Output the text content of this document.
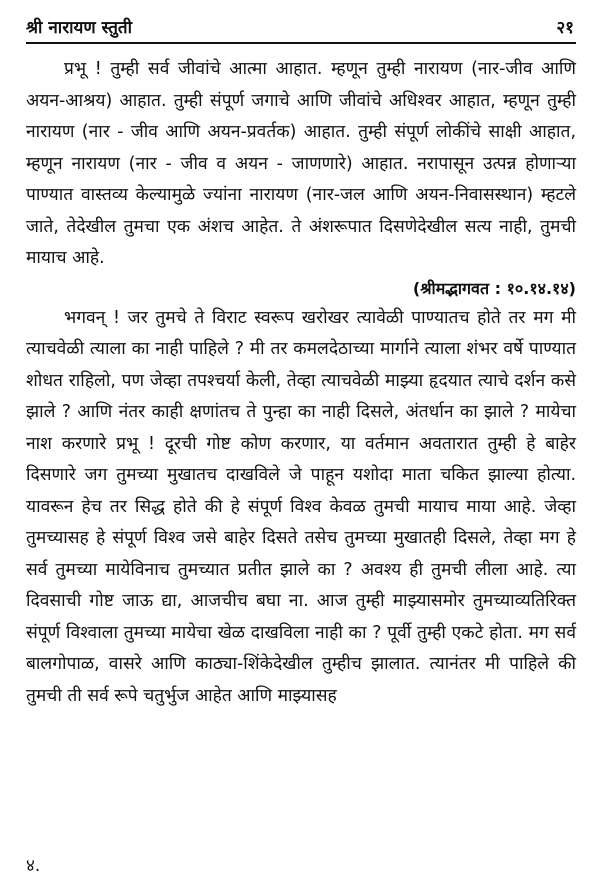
श्री नारायण स्तुती	२१

प्रभू ! तुम्ही सर्व जीवांचे आत्मा आहात. म्हणून तुम्ही नारायण (नार-जीव आणि अयन-आश्रय) आहात. तुम्ही संपूर्ण जगाचे आणि जीवांचे अधिश्वर आहात, म्हणून तुम्ही नारायण (नार - जीव आणि अयन-प्रवर्तक) आहात. तुम्ही संपूर्ण लोकींचे साक्षी आहात, म्हणून नारायण (नार - जीव व अयन - जाणणारे) आहात. नरापासून उत्पन्न होणाऱ्या पाण्यात वास्तव्य केल्यामुळे ज्यांना नारायण (नार-जल आणि अयन-निवासस्थान) म्हटले जाते, तेदेखील तुमचा एक अंशच आहेत. ते अंशरूपात दिसणेदेखील सत्य नाही, तुमची मायाच आहे.

(श्रीमद्भागवत : १०.१४.१४)

भगवन् ! जर तुमचे ते विराट स्वरूप खरोखर त्यावेळी पाण्यातच होते तर मग मी त्याचवेळी त्याला का नाही पाहिले ? मी तर कमलदेठाच्या मार्गाने त्याला शंभर वर्षे पाण्यात शोधत राहिलो, पण जेव्हा तपश्चर्या केली, तेव्हा त्याचवेळी माझ्या हृदयात त्याचे दर्शन कसे झाले ? आणि नंतर काही क्षणांतच ते पुन्हा का नाही दिसले, अंतर्धान का झाले ? मायेचा नाश करणारे प्रभू ! दूरची गोष्ट कोण करणार, या वर्तमान अवतारात तुम्ही हे बाहेर दिसणारे जग तुमच्या मुखातच दाखविले जे पाहून यशोदा माता चकित झाल्या होत्या. यावरून हेच तर सिद्ध होते की हे संपूर्ण विश्व केवळ तुमची मायाच माया आहे. जेव्हा तुमच्यासह हे संपूर्ण विश्व जसे बाहेर दिसते तसेच तुमच्या मुखातही दिसले, तेव्हा मग हे सर्व तुमच्या मायेविनाच तुमच्यात प्रतीत झाले का ? अवश्य ही तुमची लीला आहे. त्या दिवसाची गोष्ट जाऊ द्या, आजचीच बघा ना. आज तुम्ही माझ्यासमोर तुमच्याव्यतिरिक्त संपूर्ण विश्वाला तुमच्या मायेचा खेळ दाखविला नाही का ? पूर्वी तुम्ही एकटे होता. मग सर्व बालगोपाळ, वासरे आणि काठ्या-शिंकेदेखील तुम्हीच झालात. त्यानंतर मी पाहिले की तुमची ती सर्व रूपे चतुर्भुज आहेत आणि माझ्यासह

४.
